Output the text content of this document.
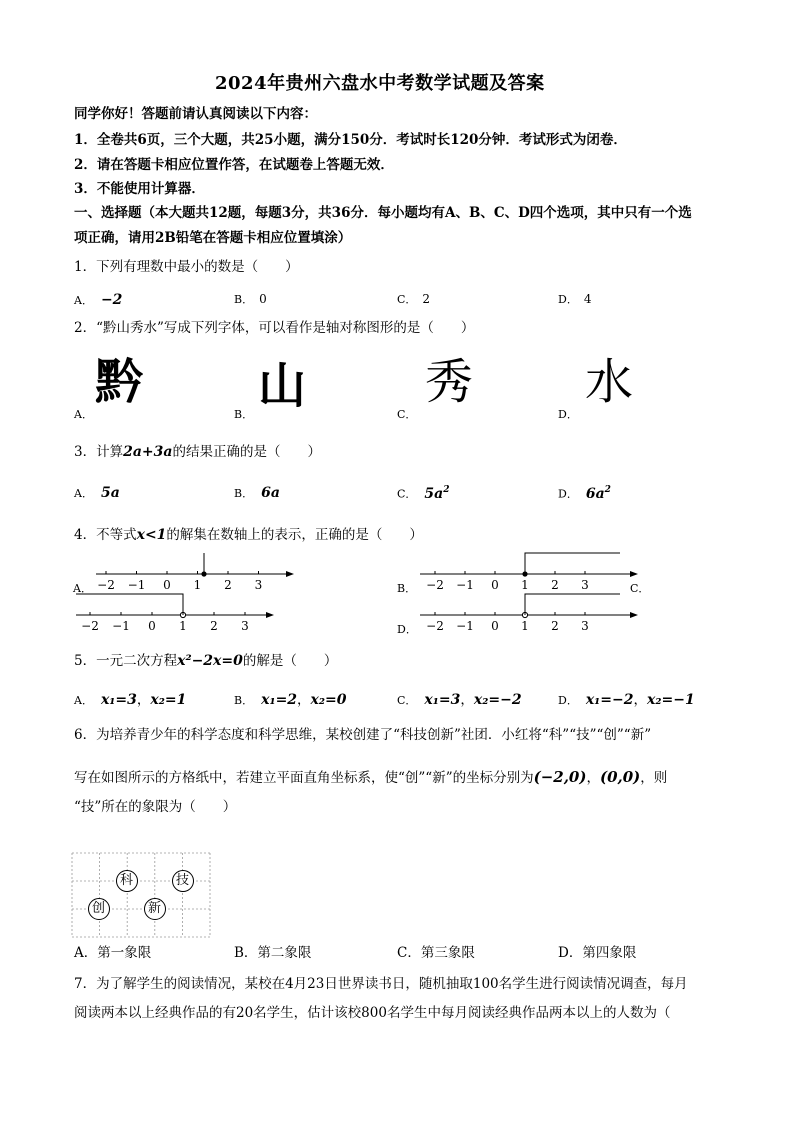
2024年贵州六盘水中考数学试题及答案
同学你好！答题前请认真阅读以下内容：
1．全卷共6页，三个大题，共25小题，满分150分．考试时长120分钟．考试形式为闭卷．
2．请在答题卡相应位置作答，在试题卷上答题无效．
3．不能使用计算器．
一、选择题（本大题共12题，每题3分，共36分．每小题均有A、B、C、D四个选项，其中只有一个选
项正确，请用2B铅笔在答题卡相应位置填涂）
1．下列有理数中最小的数是（　　）
A． −2	B． 0	C． 2	D． 4
2．“黔山秀水”写成下列字体，可以看作是轴对称图形的是（　　）
黔 山 秀 水
A．	B．	C．	D．
3．计算2a+3a的结果正确的是（　　）
A． 5a	B． 6a	C． $5a^2$	D． $6a^2$
4．不等式x<1的解集在数轴上的表示，正确的是（　　）
−2 −1 0 1 2 3
A．	−2 −1 0 1 2 3
B．	C．
−2 −1 0 1 2 3	−2 −1 0 1 2 3
D．
5．一元二次方程x²−2x=0的解是（　　）
A． x₁=3，x₂=1	B． x₁=2，x₂=0	C． x₁=3，x₂=−2	D． x₁=−2，x₂=−1
6．为培养青少年的科学态度和科学思维，某校创建了“科技创新”社团．小红将“科”“技”“创”“新”
写在如图所示的方格纸中，若建立平面直角坐标系，使“创”“新”的坐标分别为(−2,0)，(0,0)，则
“技”所在的象限为（　　）
科	技
创	新
A．第一象限	B．第二象限	C．第三象限	D．第四象限
7．为了解学生的阅读情况，某校在4月23日世界读书日，随机抽取100名学生进行阅读情况调查，每月
阅读两本以上经典作品的有20名学生，估计该校800名学生中每月阅读经典作品两本以上的人数为（
